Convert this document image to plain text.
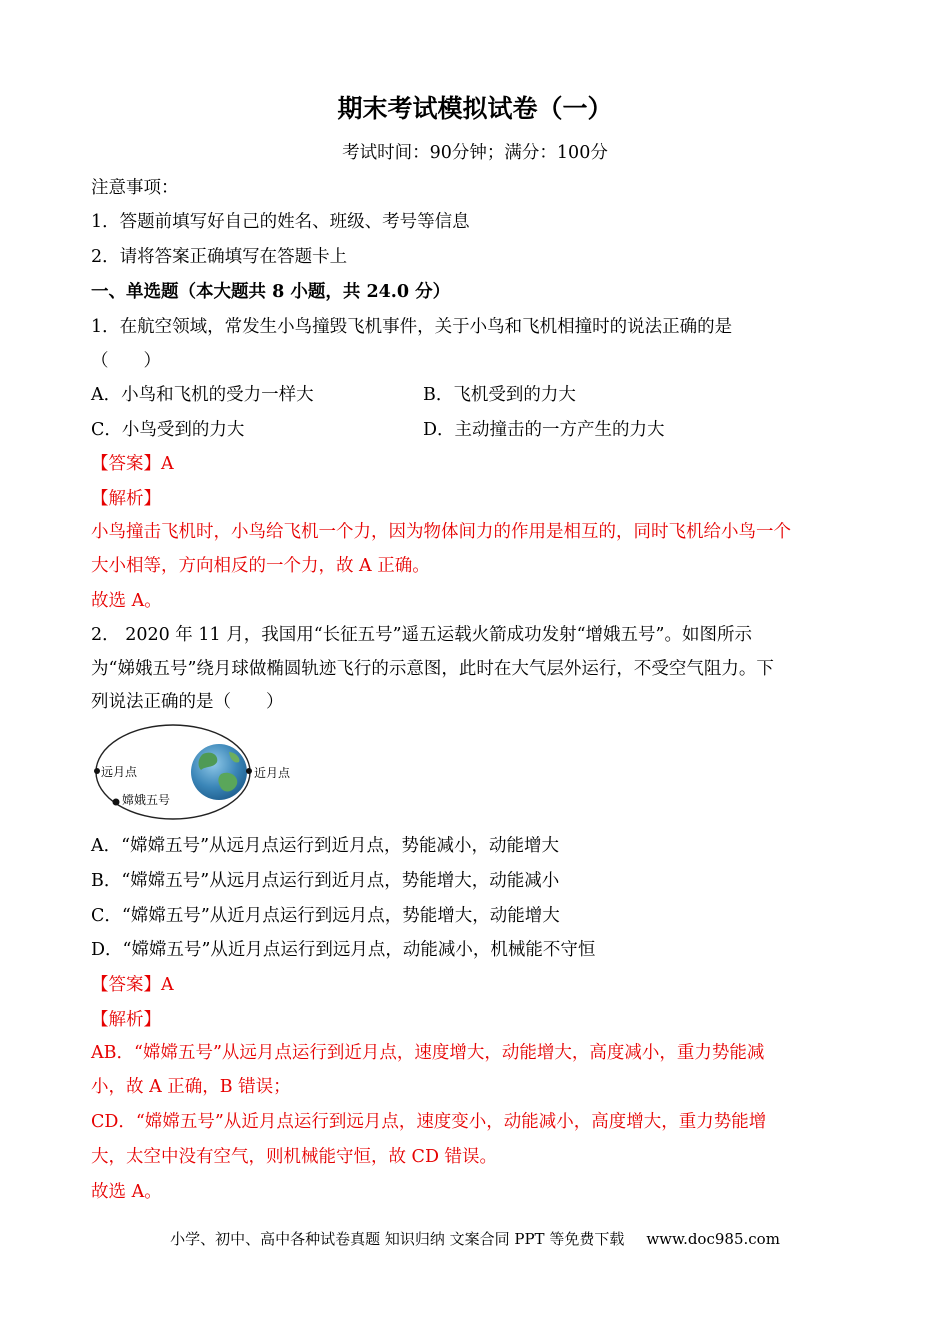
期末考试模拟试卷（一）
考试时间：90分钟；满分：100分
注意事项：
1．答题前填写好自己的姓名、班级、考号等信息
2．请将答案正确填写在答题卡上
一、单选题（本大题共 8 小题，共 24.0 分）
1．在航空领域，常发生小鸟撞毁飞机事件，关于小鸟和飞机相撞时的说法正确的是
（　　）
A．小鸟和飞机的受力一样大	B．飞机受到的力大
C．小鸟受到的力大	D．主动撞击的一方产生的力大
【答案】A
【解析】
小鸟撞击飞机时，小鸟给飞机一个力，因为物体间力的作用是相互的，同时飞机给小鸟一个
大小相等，方向相反的一个力，故 A 正确。
故选 A。
2． 2020 年 11 月，我国用“长征五号”遥五运载火箭成功发射“增娥五号”。如图所示
为“娣娥五号”绕月球做椭圆轨迹飞行的示意图，此时在大气层外运行，不受空气阻力。下
列说法正确的是（　　）
远月点	近月点
嫦娥五号
A．“嫦嫦五号”从远月点运行到近月点，势能减小，动能增大
B．“嫦嫦五号”从远月点运行到近月点，势能增大，动能减小
C．“嫦嫦五号”从近月点运行到远月点，势能增大，动能增大
D．“嫦嫦五号”从近月点运行到远月点，动能减小，机械能不守恒
【答案】A
【解析】
AB．“嫦嫦五号”从远月点运行到近月点，速度增大，动能增大，高度减小，重力势能减
小，故 A 正确，B 错误；
CD．“嫦嫦五号”从近月点运行到远月点，速度变小，动能减小，高度增大，重力势能增
大，太空中没有空气，则机械能守恒，故 CD 错误。
故选 A。
小学、初中、高中各种试卷真题 知识归纳 文案合同 PPT 等免费下载 www.doc985.com
